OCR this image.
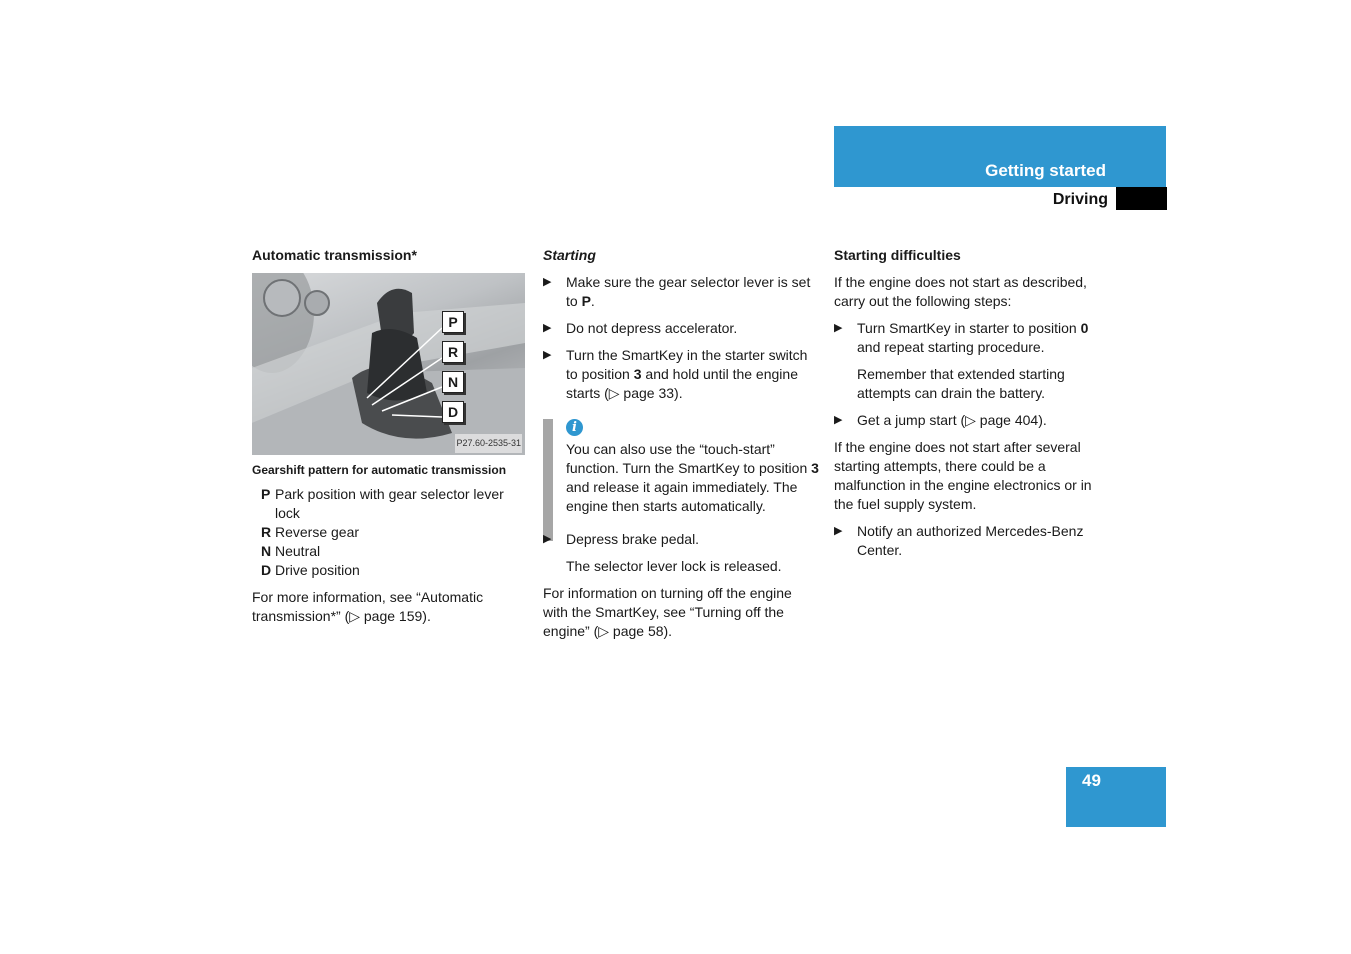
Getting started
Driving
Automatic transmission*
P
R
N
D
P27.60-2535-31
Gearshift pattern for automatic transmission
P Park position with gear selector lever lock
R Reverse gear
N Neutral
D Drive position

For more information, see “Automatic transmission*” (▷ page 159).

Starting
▶ Make sure the gear selector lever is set to P.
▶ Do not depress accelerator.
▶ Turn the SmartKey in the starter switch to position 3 and hold until the engine starts (▷ page 33).
i
You can also use the “touch-start” function. Turn the SmartKey to position 3 and release it again immediately. The engine then starts automatically.
▶ Depress brake pedal.
The selector lever lock is released.

For information on turning off the engine with the SmartKey, see “Turning off the engine” (▷ page 58).

Starting difficulties

If the engine does not start as described, carry out the following steps:

▶ Turn SmartKey in starter to position 0 and repeat starting procedure.
Remember that extended starting attempts can drain the battery.
▶ Get a jump start (▷ page 404).

If the engine does not start after several starting attempts, there could be a malfunction in the engine electronics or in the fuel supply system.

▶ Notify an authorized Mercedes-Benz Center.
49
